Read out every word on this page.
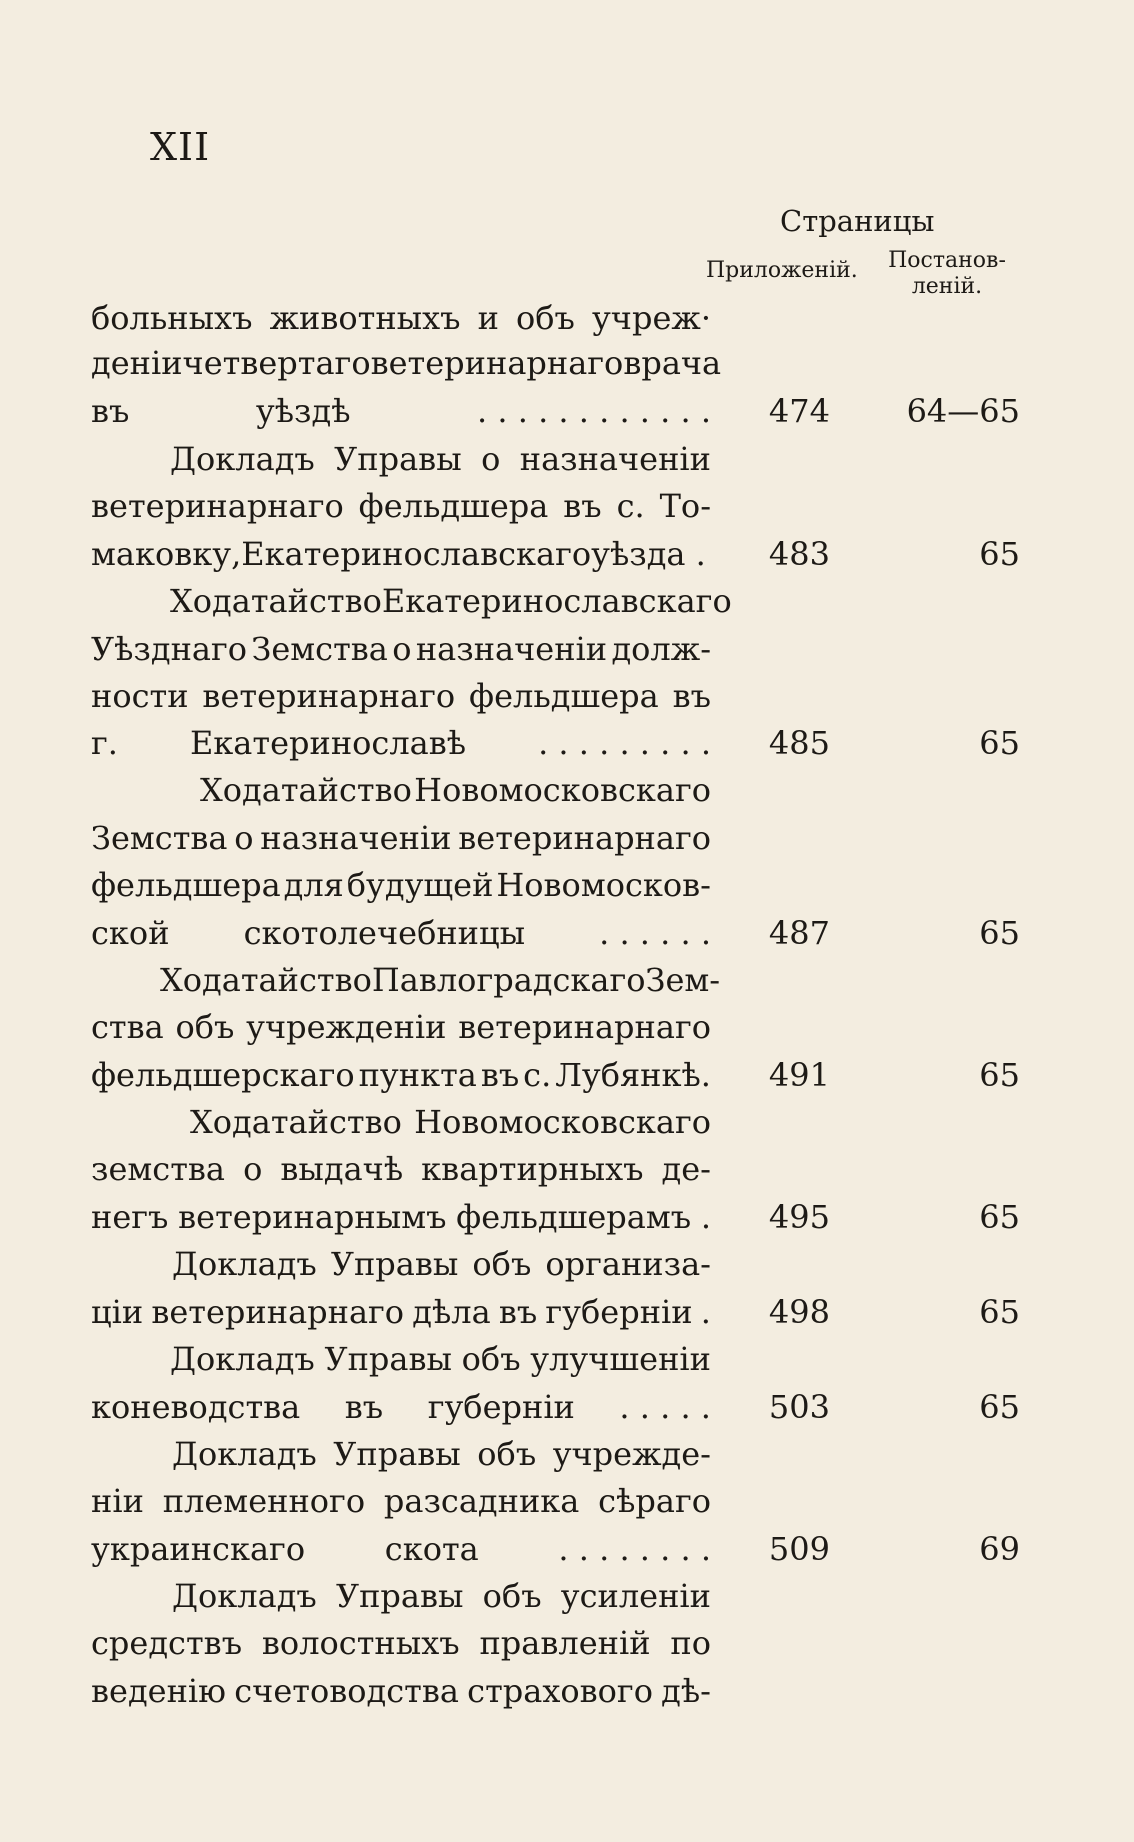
XII
Страницы
Приложеній. Постанов-
леній.
больныхъ животныхъ и объ учреж·
деніи четвертаго ветеринарнаго врача
въ	уѣздѣ	. . . . . . . . . . . . 474	64—65
Докладъ Управы о назначеніи
ветеринарнаго фельдшера въ с. То-
маковку, Екатеринославскаго уѣзда . 483	65
Ходатайство Екатеринославскаго
Уѣзднаго Земства о назначеніи долж-
ности ветеринарнаго фельдшера въ
г. Екатеринославѣ . . . . . . . . . 485	65
Ходатайство Новомосковскаго
Земства о назначеніи ветеринарнаго
фельдшера для будущей Новомосков-
ской скотолечебницы . . . . . . 487	65
Ходатайство Павлоградскаго Зем-
ства объ учрежденіи ветеринарнаго
фельдшерскаго пункта въ с. Лубянкѣ. 491	65
Ходатайство Новомосковскаго
земства о выдачѣ квартирныхъ де-
негъ ветеринарнымъ фельдшерамъ . 495	65
Докладъ Управы объ организа-
ціи ветеринарнаго дѣла въ губерніи . 498	65
Докладъ Управы объ улучшеніи
коневодства въ губерніи . . . . . 503	65
Докладъ Управы объ учрежде-
ніи племенного разсадника сѣраго
украинскаго скота . . . . . . . . 509	69
Докладъ Управы объ усиленіи
средствъ волостныхъ правленій по
веденію счетоводства страхового дѣ-
